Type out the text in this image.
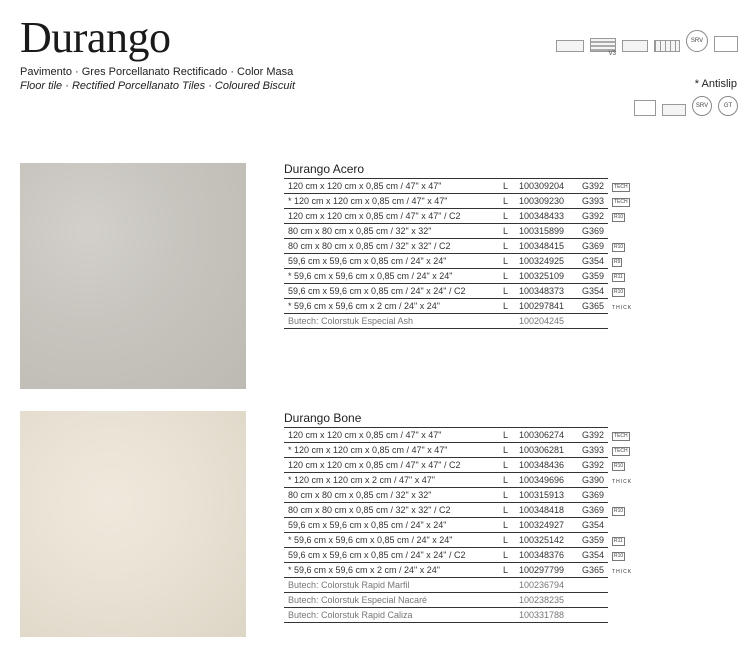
Durango
Pavimento · Gres Porcellanato Rectificado · Color Masa
Floor tile · Rectified Porcellanato Tiles · Coloured Biscuit
V3
SRV
* Antislip
SRV	GT
Durango Acero
120 cm x 120 cm x 0,85 cm / 47" x 47"	L	100309204	G392	TECH
* 120 cm x 120 cm x 0,85 cm / 47" x 47"	L	100309230	G393	TECH
120 cm x 120 cm x 0,85 cm / 47" x 47" / C2	L	100348433	G392	R10
80 cm x 80 cm x 0,85 cm / 32" x 32"	L	100315899	G369	
80 cm x 80 cm x 0,85 cm / 32" x 32" / C2	L	100348415	G369	R10
59,6 cm x 59,6 cm x 0,85 cm / 24" x 24"	L	100324925	G354	R9
* 59,6 cm x 59,6 cm x 0,85 cm / 24" x 24"	L	100325109	G359	R11
59,6 cm x 59,6 cm x 0,85 cm / 24" x 24" / C2	L	100348373	G354	R10
* 59,6 cm x 59,6 cm x 2 cm / 24" x 24"	L	100297841	G365	THICK
Butech: Colorstuk Especial Ash		100204245		
Durango Bone
120 cm x 120 cm x 0,85 cm / 47" x 47"	L	100306274	G392	TECH
* 120 cm x 120 cm x 0,85 cm / 47" x 47"	L	100306281	G393	TECH
120 cm x 120 cm x 0,85 cm / 47" x 47" / C2	L	100348436	G392	R10
* 120 cm x 120 cm x 2 cm / 47" x 47"	L	100349696	G390	THICK
80 cm x 80 cm x 0,85 cm / 32" x 32"	L	100315913	G369	
80 cm x 80 cm x 0,85 cm / 32" x 32" / C2	L	100348418	G369	R10
59,6 cm x 59,6 cm x 0,85 cm / 24" x 24"	L	100324927	G354	
* 59,6 cm x 59,6 cm x 0,85 cm / 24" x 24"	L	100325142	G359	R11
59,6 cm x 59,6 cm x 0,85 cm / 24" x 24" / C2	L	100348376	G354	R10
* 59,6 cm x 59,6 cm x 2 cm / 24" x 24"	L	100297799	G365	THICK
Butech: Colorstuk Rapid Marfil		100236794		
Butech: Colorstuk Especial Nacaré		100238235		
Butech: Colorstuk Rapid Caliza		100331788		
